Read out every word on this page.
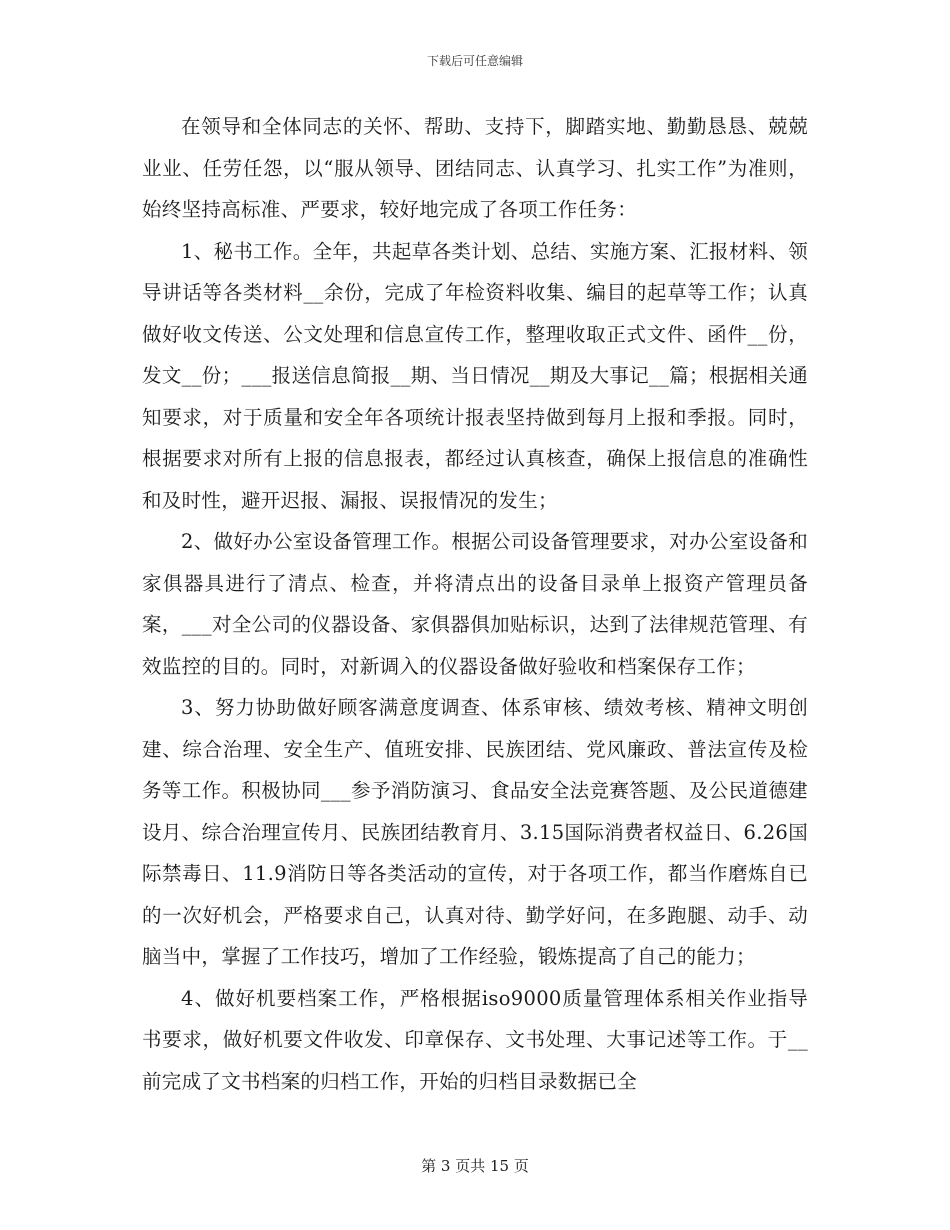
下载后可任意编辑

在领导和全体同志的关怀、帮助、支持下，脚踏实地、勤勤恳恳、兢兢业业、任劳任怨，以“服从领导、团结同志、认真学习、扎实工作”为准则，始终坚持高标准、严要求，较好地完成了各项工作任务：

1、秘书工作。全年，共起草各类计划、总结、实施方案、汇报材料、领导讲话等各类材料__余份，完成了年检资料收集、编目的起草等工作；认真做好收文传送、公文处理和信息宣传工作，整理收取正式文件、函件__份，发文__份；___报送信息简报__期、当日情况__期及大事记__篇；根据相关通知要求，对于质量和安全年各项统计报表坚持做到每月上报和季报。同时，根据要求对所有上报的信息报表，都经过认真核查，确保上报信息的准确性和及时性，避开迟报、漏报、误报情况的发生；

2、做好办公室设备管理工作。根据公司设备管理要求，对办公室设备和家俱器具进行了清点、检查，并将清点出的设备目录单上报资产管理员备案，___对全公司的仪器设备、家俱器俱加贴标识，达到了法律规范管理、有效监控的目的。同时，对新调入的仪器设备做好验收和档案保存工作；

3、努力协助做好顾客满意度调查、体系审核、绩效考核、精神文明创建、综合治理、安全生产、值班安排、民族团结、党风廉政、普法宣传及检务等工作。积极协同___参予消防演习、食品安全法竞赛答题、及公民道德建设月、综合治理宣传月、民族团结教育月、3.15国际消费者权益日、6.26国际禁毒日、11.9消防日等各类活动的宣传，对于各项工作，都当作磨炼自已的一次好机会，严格要求自己，认真对待、勤学好问，在多跑腿、动手、动脑当中，掌握了工作技巧，增加了工作经验，锻炼提高了自己的能力；

4、做好机要档案工作，严格根据iso9000质量管理体系相关作业指导书要求，做好机要文件收发、印章保存、文书处理、大事记述等工作。于__前完成了文书档案的归档工作，开始的归档目录数据已全

第 3 页共 15 页
